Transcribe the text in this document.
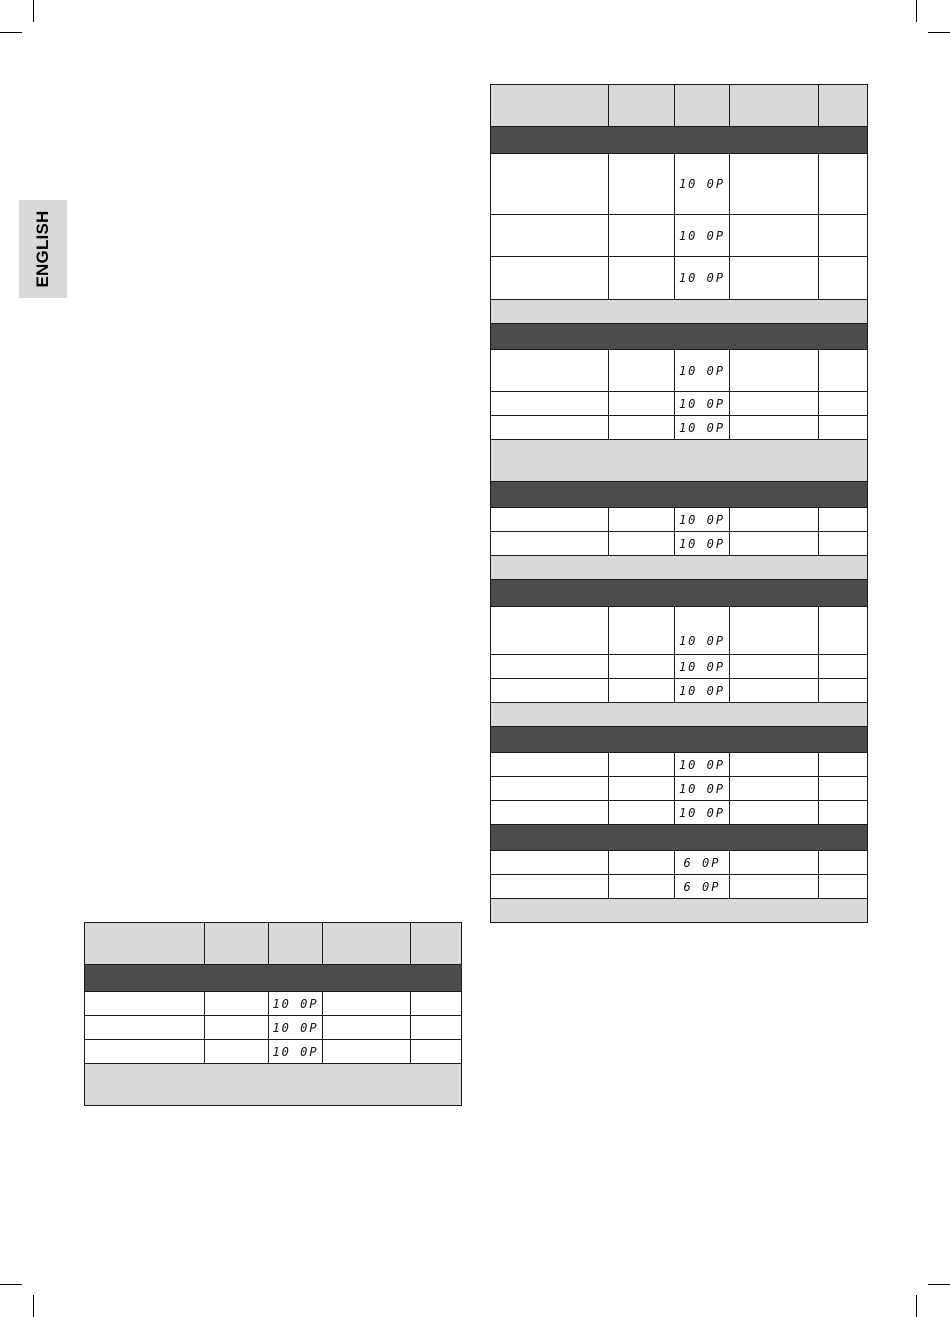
ENGLISH

		10 0P		
		10 0P		
		10 0P		

		10 0P		
		10 0P		
		10 0P		

		10 0P		
		10 0P		
		10 0P		

		10 0P		
		10 0P		

		10 0P		
		10 0P		
		10 0P		

		10 0P		
		10 0P		
		10 0P		

		6 0P		
		6 0P		
